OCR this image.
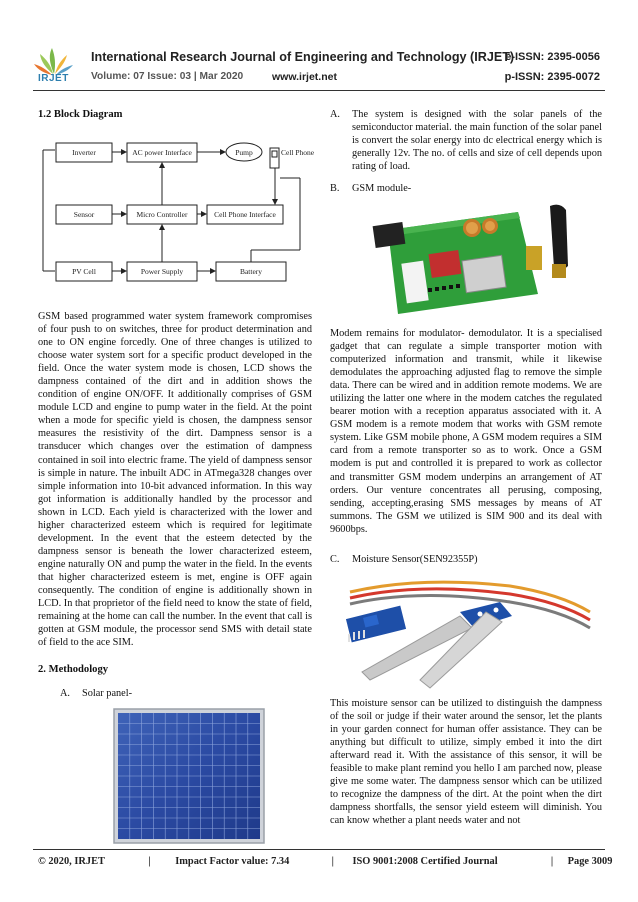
IRJET
International Research Journal of Engineering and Technology (IRJET)
e-ISSN: 2395-0056
Volume: 07 Issue: 03 | Mar 2020	www.irjet.net	p-ISSN: 2395-0072
1.2 Block Diagram
Inverter	AC power Interface	Pump	Cell Phone
Sensor	Micro Controller	Cell Phone Interface
PV Cell	Power Supply	Battery
GSM based programmed water system framework compromises of four push to on switches, three for product determination and one to ON engine forcedly. One of three changes is utilized to choose water system sort for a specific product developed in the field. Once the water system mode is chosen, LCD shows the dampness contained of the dirt and in addition shows the condition of engine ON/OFF. It additionally comprises of GSM module LCD and engine to pump water in the field. At the point when a mode for specific yield is chosen, the dampness sensor measures the resistivity of the dirt. Dampness sensor is a transducer which changes over the estimation of dampness contained in soil into electric frame. The yield of dampness sensor is simple in nature. The inbuilt ADC in ATmega328 changes over simple information into 10-bit advanced information. In this way got information is additionally handled by the processor and shown in LCD. Each yield is characterized with the lower and higher characterized esteem which is required for legitimate development. In the event that the esteem detected by the dampness sensor is beneath the lower characterized esteem, engine naturally ON and pump the water in the field. In the events that higher characterized esteem is met, engine is OFF again consequently. The condition of engine is additionally shown in LCD. In that proprietor of the field need to know the state of field, remaining at the home can call the number. In the event that call is gotten at GSM module, the processor send SMS with detail state of field to the ace SIM.
2. Methodology
A.	Solar panel-
A.	The system is designed with the solar panels of the semiconductor material. the main function of the solar panel is convert the solar energy into dc electrical energy which is generally 12v. The no. of cells and size of cell depends upon rating of load.
B.	GSM module-
Modem remains for modulator- demodulator. It is a specialised gadget that can regulate a simple transporter motion with computerized information and transmit, while it likewise demodulates the approaching adjusted flag to remove the simple data. There can be wired and in addition remote modems. We are utilizing the latter one where in the modem catches the regulated bearer motion with a reception apparatus associated with it. A GSM modem is a remote modem that works with GSM remote system. Like GSM mobile phone, A GSM modem requires a SIM card from a remote transporter so as to work. Once a GSM modem is put and controlled it is prepared to work as collector and transmitter GSM modem underpins an arrangement of AT orders. Our venture concentrates all perusing, composing, sending, accepting,erasing SMS messages by means of AT summons. The GSM we utilized is SIM 900 and its deal with 9600bps.
C.	Moisture Sensor(SEN92355P)
This moisture sensor can be utilized to distinguish the dampness of the soil or judge if their water around the sensor, let the plants in your garden connect for human offer assistance. They can be anything but difficult to utilize, simply embed it into the dirt afterward read it. With the assistance of this sensor, it will be feasible to make plant remind you hello I am parched now, please give me some water. The dampness sensor which can be utilized to recognize the dampness of the dirt. At the point when the dirt dampness shortfalls, the sensor yield esteem will diminish. You can know whether a plant needs water and not
© 2020, IRJET	| Impact Factor value: 7.34	| ISO 9001:2008 Certified Journal	| Page 3009
